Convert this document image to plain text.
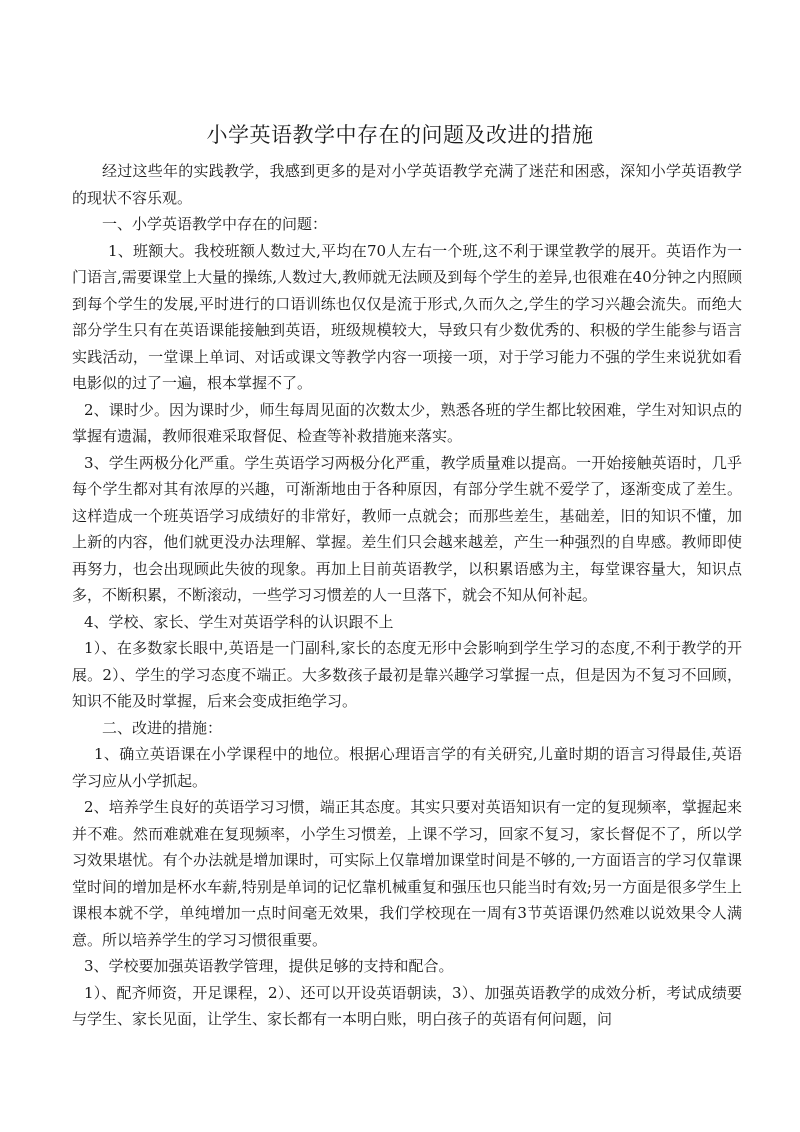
小学英语教学中存在的问题及改进的措施

经过这些年的实践教学，我感到更多的是对小学英语教学充满了迷茫和困惑，深知小学英语教学的现状不容乐观。

一、小学英语教学中存在的问题：

1、班额大。我校班额人数过大,平均在70人左右一个班,这不利于课堂教学的展开。英语作为一门语言,需要课堂上大量的操练,人数过大,教师就无法顾及到每个学生的差异,也很难在40分钟之内照顾到每个学生的发展,平时进行的口语训练也仅仅是流于形式,久而久之,学生的学习兴趣会流失。而绝大部分学生只有在英语课能接触到英语，班级规模较大，导致只有少数优秀的、积极的学生能参与语言实践活动，一堂课上单词、对话或课文等教学内容一项接一项，对于学习能力不强的学生来说犹如看电影似的过了一遍，根本掌握不了。

2、课时少。因为课时少，师生每周见面的次数太少，熟悉各班的学生都比较困难，学生对知识点的掌握有遗漏，教师很难采取督促、检查等补救措施来落实。

3、学生两极分化严重。学生英语学习两极分化严重，教学质量难以提高。一开始接触英语时，几乎每个学生都对其有浓厚的兴趣，可渐渐地由于各种原因，有部分学生就不爱学了，逐渐变成了差生。这样造成一个班英语学习成绩好的非常好，教师一点就会；而那些差生，基础差，旧的知识不懂，加上新的内容，他们就更没办法理解、掌握。差生们只会越来越差，产生一种强烈的自卑感。教师即使再努力，也会出现顾此失彼的现象。再加上目前英语教学，以积累语感为主，每堂课容量大，知识点多，不断积累，不断滚动，一些学习习惯差的人一旦落下，就会不知从何补起。

4、学校、家长、学生对英语学科的认识跟不上

1）、在多数家长眼中,英语是一门副科,家长的态度无形中会影响到学生学习的态度,不利于教学的开展。2）、学生的学习态度不端正。大多数孩子最初是靠兴趣学习掌握一点，但是因为不复习不回顾，知识不能及时掌握，后来会变成拒绝学习。

二、改进的措施：

1、确立英语课在小学课程中的地位。根据心理语言学的有关研究,儿童时期的语言习得最佳,英语学习应从小学抓起。

2、培养学生良好的英语学习习惯，端正其态度。其实只要对英语知识有一定的复现频率，掌握起来并不难。然而难就难在复现频率，小学生习惯差，上课不学习，回家不复习，家长督促不了，所以学习效果堪忧。有个办法就是增加课时，可实际上仅靠增加课堂时间是不够的,一方面语言的学习仅靠课堂时间的增加是杯水车薪,特别是单词的记忆靠机械重复和强压也只能当时有效;另一方面是很多学生上课根本就不学，单纯增加一点时间毫无效果，我们学校现在一周有3节英语课仍然难以说效果令人满意。所以培养学生的学习习惯很重要。

3、学校要加强英语教学管理，提供足够的支持和配合。

1）、配齐师资，开足课程，2）、还可以开设英语朝读，3）、加强英语教学的成效分析，考试成绩要与学生、家长见面，让学生、家长都有一本明白账，明白孩子的英语有何问题，问
